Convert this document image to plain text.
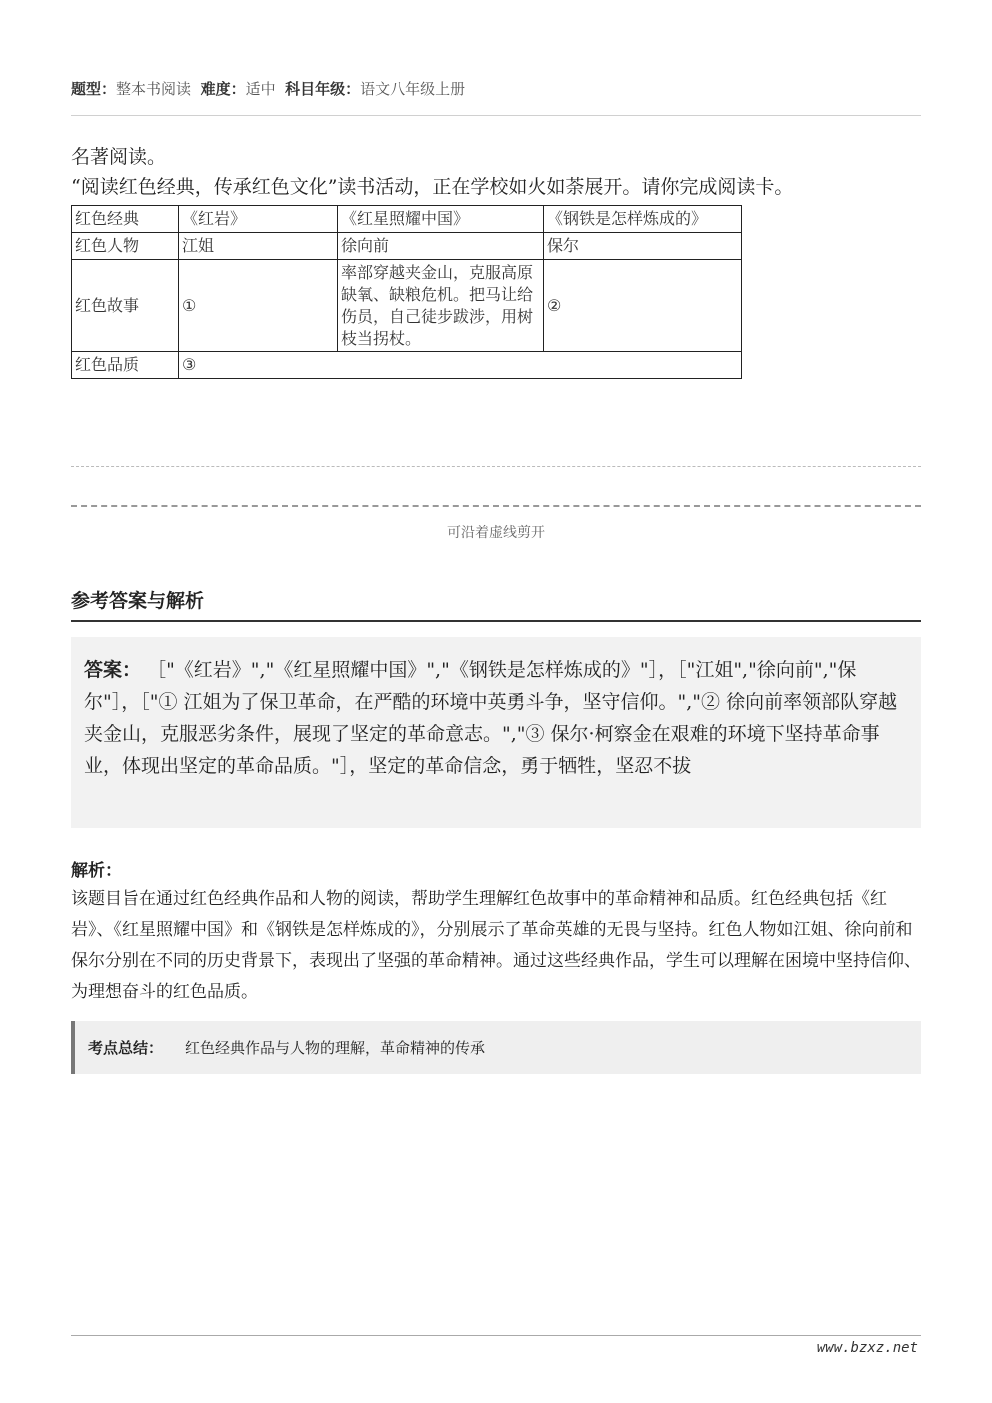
题型：整本书阅读 难度：适中 科目年级：语文八年级上册
名著阅读。
“阅读红色经典，传承红色文化”读书活动，正在学校如火如荼展开。请你完成阅读卡。
红色经典	《红岩》	《红星照耀中国》	《钢铁是怎样炼成的》
红色人物	江姐	徐向前	保尔
红色故事	①	率部穿越夹金山，克服高原缺氧、缺粮危机。把马让给伤员，自己徒步跋涉，用树枝当拐杖。	②
红色品质	③		
可沿着虚线剪开
参考答案与解析
答案： ［"《红岩》","《红星照耀中国》","《钢铁是怎样炼成的》"］，［"江姐","徐向前","保尔"］，［"① 江姐为了保卫革命，在严酷的环境中英勇斗争，坚守信仰。","② 徐向前率领部队穿越夹金山，克服恶劣条件，展现了坚定的革命意志。","③ 保尔·柯察金在艰难的环境下坚持革命事业，体现出坚定的革命品质。"］，坚定的革命信念，勇于牺牲，坚忍不拔
解析：
该题目旨在通过红色经典作品和人物的阅读，帮助学生理解红色故事中的革命精神和品质。红色经典包括《红岩》、《红星照耀中国》和《钢铁是怎样炼成的》，分别展示了革命英雄的无畏与坚持。红色人物如江姐、徐向前和保尔分别在不同的历史背景下，表现出了坚强的革命精神。通过这些经典作品，学生可以理解在困境中坚持信仰、为理想奋斗的红色品质。
考点总结： 红色经典作品与人物的理解，革命精神的传承
www.bzxz.net
